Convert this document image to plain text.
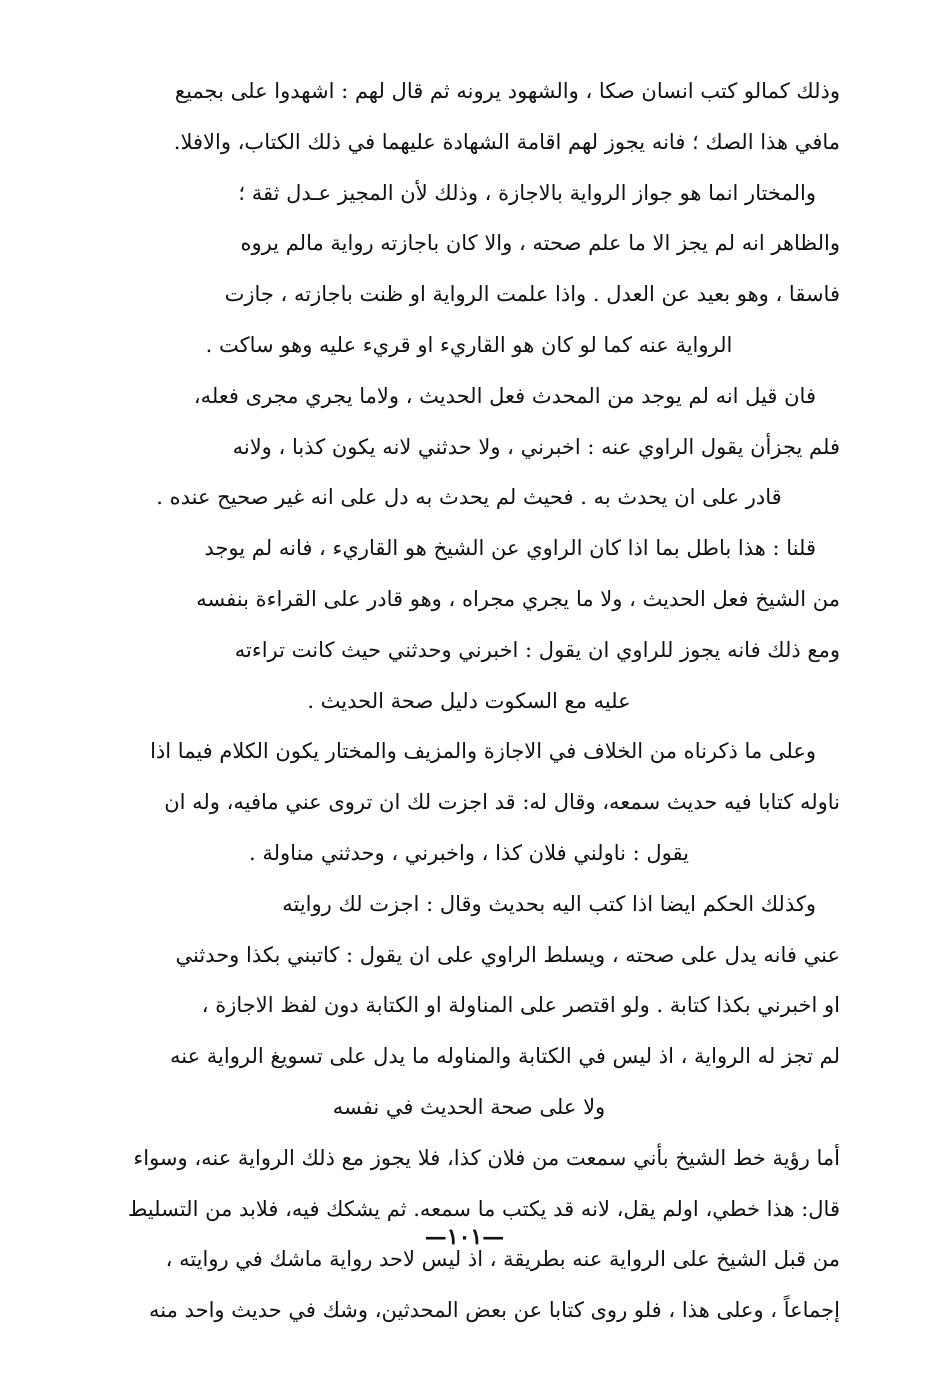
وذلك كمالو كتب انسان صكا ، والشهود يرونه ثم قال لهم : اشهدوا على بجميع
مافي هذا الصك ؛ فانه يجوز لهم اقامة الشهادة عليهما في ذلك الكتاب، والافلا.
والمختار انما هو جواز الرواية بالاجازة ، وذلك لأن المجيز عـدل ثقة ؛
والظاهر انه لم يجز الا ما علم صحته ، والا كان باجازته رواية مالم يروه
فاسقا ، وهو بعيد عن العدل . واذا علمت الرواية او ظنت باجازته ، جازت
الرواية عنه كما لو كان هو القاريء او قريء عليه وهو ساكت .
فان قيل انه لم يوجد من المحدث فعل الحديث ، ولاما يجري مجرى فعله،
فلم يجزأن يقول الراوي عنه : اخبرني ، ولا حدثني لانه يكون كذبا ، ولانه
قادر على ان يحدث به . فحيث لم يحدث به دل على انه غير صحيح عنده .
قلنا : هذا باطل بما اذا كان الراوي عن الشيخ هو القاريء ، فانه لم يوجد
من الشيخ فعل الحديث ، ولا ما يجري مجراه ، وهو قادر على القراءة بنفسه
ومع ذلك فانه يجوز للراوي ان يقول : اخبرني وحدثني حيث كانت تراءته
عليه مع السكوت دليل صحة الحديث .
وعلى ما ذكرناه من الخلاف في الاجازة والمزيف والمختار يكون الكلام فيما اذا
ناوله كتابا فيه حديث سمعه، وقال له: قد اجزت لك ان تروى عني مافيه، وله ان
يقول : ناولني فلان كذا ، واخبرني ، وحدثني مناولة .
وكذلك الحكم ايضا اذا كتب اليه بحديث وقال : اجزت لك روايته
عني فانه يدل على صحته ، ويسلط الراوي على ان يقول : كاتبني بكذا وحدثني
او اخبرني بكذا كتابة . ولو اقتصر على المناولة او الكتابة دون لفظ الاجازة ،
لم تجز له الرواية ، اذ ليس في الكتابة والمناوله ما يدل على تسويغ الرواية عنه
ولا على صحة الحديث في نفسه
أما رؤية خط الشيخ بأني سمعت من فلان كذا، فلا يجوز مع ذلك الرواية عنه، وسواء
قال: هذا خطي، اولم يقل، لانه قد يكتب ما سمعه. ثم يشكك فيه، فلابد من التسليط
من قبل الشيخ على الرواية عنه بطريقة ، اذ ليس لاحد رواية ماشك في روايته ،
إجماعاً ، وعلى هذا ، فلو روى كتابا عن بعض المحدثين، وشك في حديث واحد منه
—١٠١—
